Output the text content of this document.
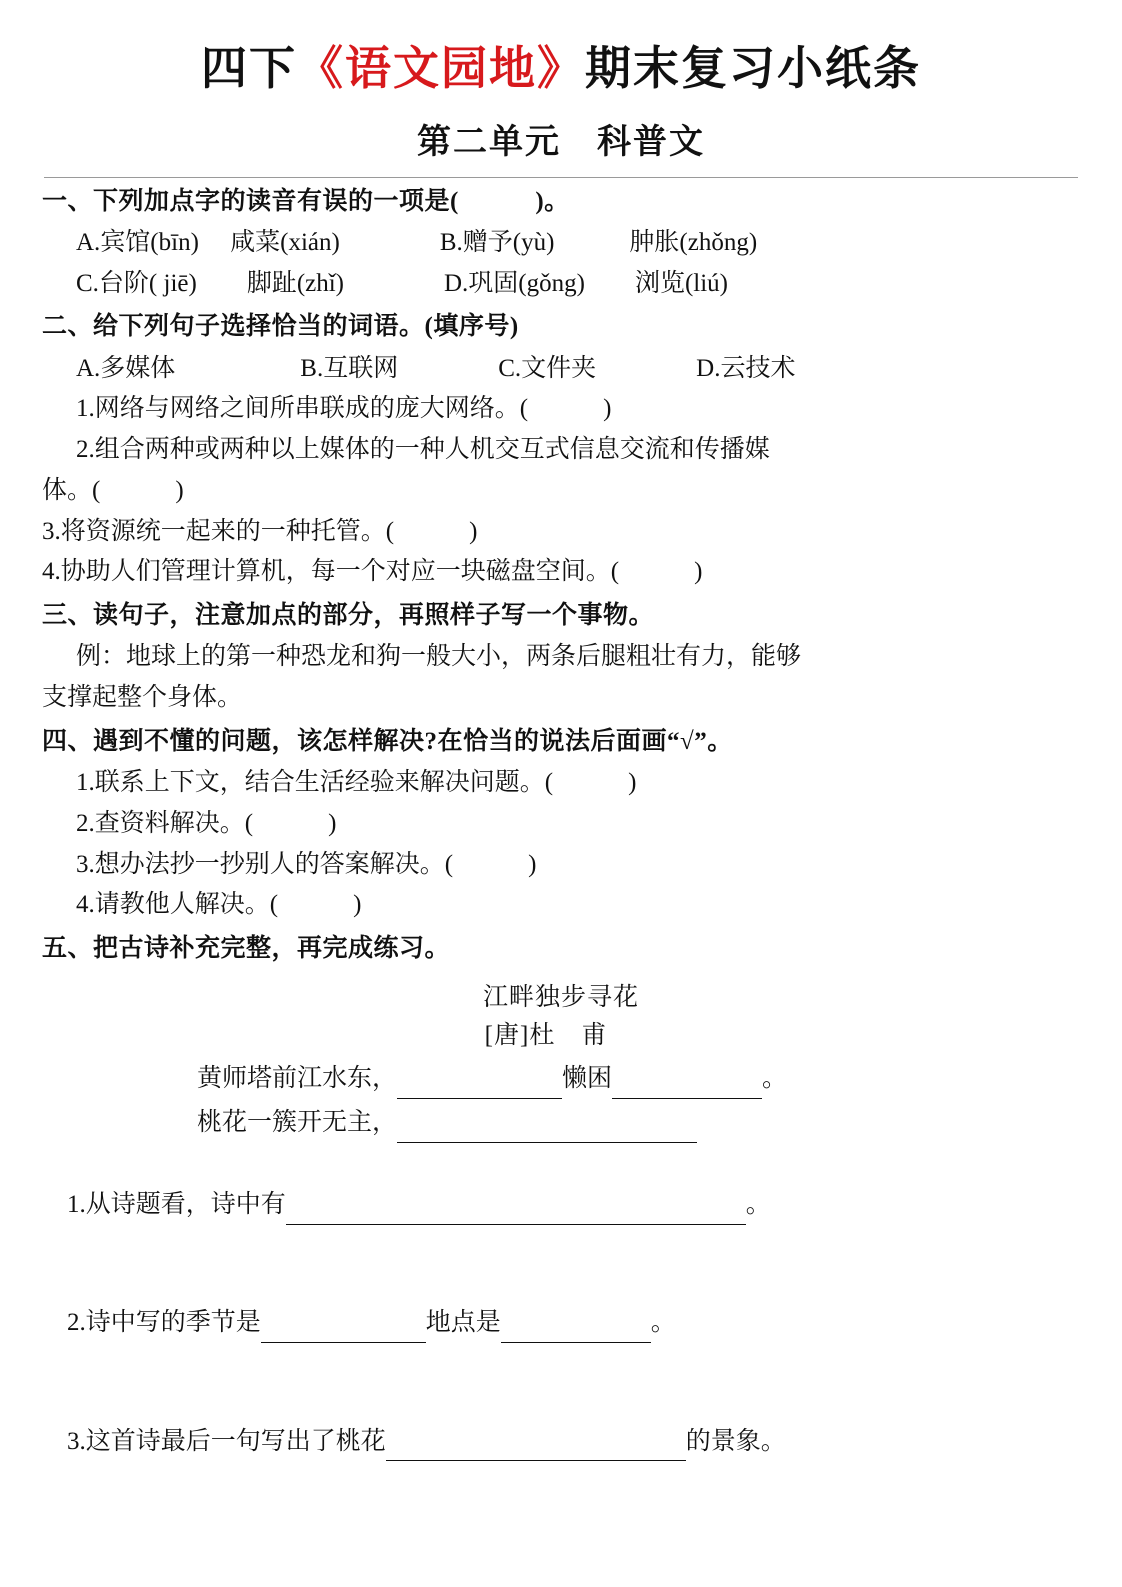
四下《语文园地》期末复习小纸条
第二单元　科普文
一、下列加点字的读音有误的一项是(　　　)。
A.宾馆(bīn)　 咸菜(xián)　　　　B.赠予(yù)　　　肿胀(zhǒng)
C.台阶( jiē)　　脚趾(zhǐ)　　　　D.巩固(gǒng)　　浏览(liú)
二、给下列句子选择恰当的词语。(填序号)
A.多媒体　　　　　B.互联网　　　　C.文件夹　　　　D.云技术
1.网络与网络之间所串联成的庞大网络。(　　　)
2.组合两种或两种以上媒体的一种人机交互式信息交流和传播媒
体。(　　　)
3.将资源统一起来的一种托管。(　　　)
4.协助人们管理计算机，每一个对应一块磁盘空间。(　　　)
三、读句子，注意加点的部分，再照样子写一个事物。
例：地球上的第一种恐龙和狗一般大小，两条后腿粗壮有力，能够
支撑起整个身体。
四、遇到不懂的问题，该怎样解决?在恰当的说法后面画“√”。
1.联系上下文，结合生活经验来解决问题。(　　　)
2.查资料解决。(　　　)
3.想办法抄一抄别人的答案解决。(　　　)
4.请教他人解决。(　　　)
五、把古诗补充完整，再完成练习。
江畔独步寻花
[唐]杜　甫
黄师塔前江水东，	懒困	。
桃花一簇开无主，

1.从诗题看，诗中有	。

2.诗中写的季节是	地点是	。

3.这首诗最后一句写出了桃花	的景象。
